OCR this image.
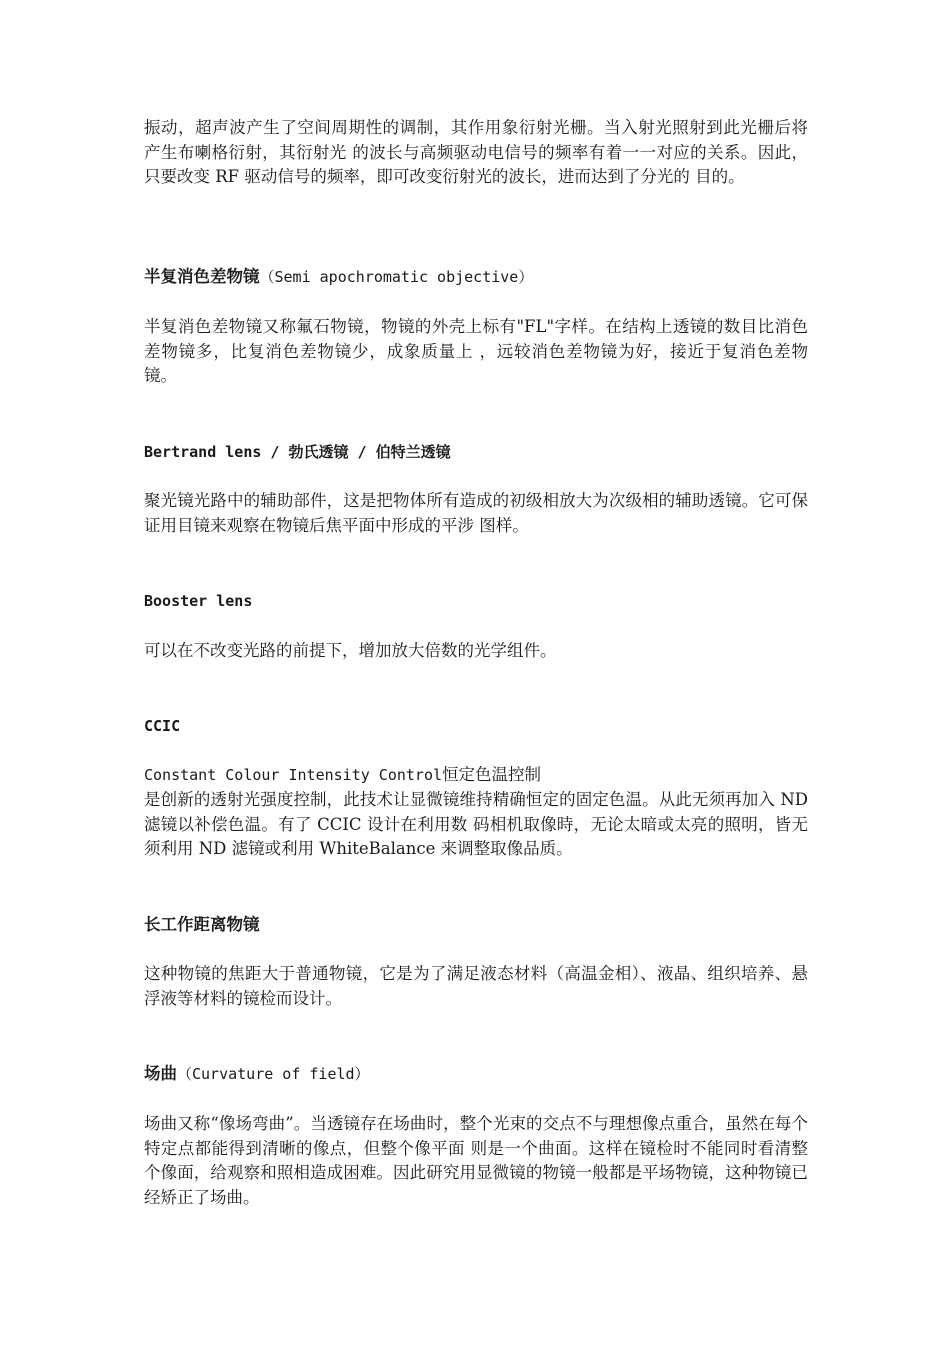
振动，超声波产生了空间周期性的调制，其作用象衍射光栅。当入射光照射到此光栅后将 产生布喇格衍射，其衍射光 的波长与高频驱动电信号的频率有着一一对应的关系。因此，只要改变 RF 驱动信号的频率，即可改变衍射光的波长，进而达到了分光的 目的。

半复消色差物镜（Semi apochromatic objective）

半复消色差物镜又称氟石物镜，物镜的外壳上标有"FL"字样。在结构上透镜的数目比消色差物镜多，比复消色差物镜少，成象质量上 ，远较消色差物镜为好，接近于复消色差物镜。

Bertrand lens / 勃氏透镜 / 伯特兰透镜

聚光镜光路中的辅助部件，这是把物体所有造成的初级相放大为次级相的辅助透镜。它可保证用目镜来观察在物镜后焦平面中形成的平涉 图样。

Booster lens

可以在不改变光路的前提下，增加放大倍数的光学组件。

CCIC
Constant Colour Intensity Control恒定色温控制

是创新的透射光强度控制，此技术让显微镜维持精确恒定的固定色温。从此无须再加入 ND 滤镜以补偿色温。有了 CCIC 设计在利用数 码相机取像時，无论太暗或太亮的照明，皆无须利用 ND 滤镜或利用 WhiteBalance 来调整取像品质。

长工作距离物镜

这种物镜的焦距大于普通物镜，它是为了满足液态材料（高温金相）、液晶、组织培养、悬浮液等材料的镜检而设计。

场曲（Curvature of field）

场曲又称“像场弯曲”。当透镜存在场曲时，整个光束的交点不与理想像点重合，虽然在每个特定点都能得到清晰的像点，但整个像平面 则是一个曲面。这样在镜检时不能同时看清整个像面，给观察和照相造成困难。因此研究用显微镜的物镜一般都是平场物镜，这种物镜已 经矫正了场曲。
